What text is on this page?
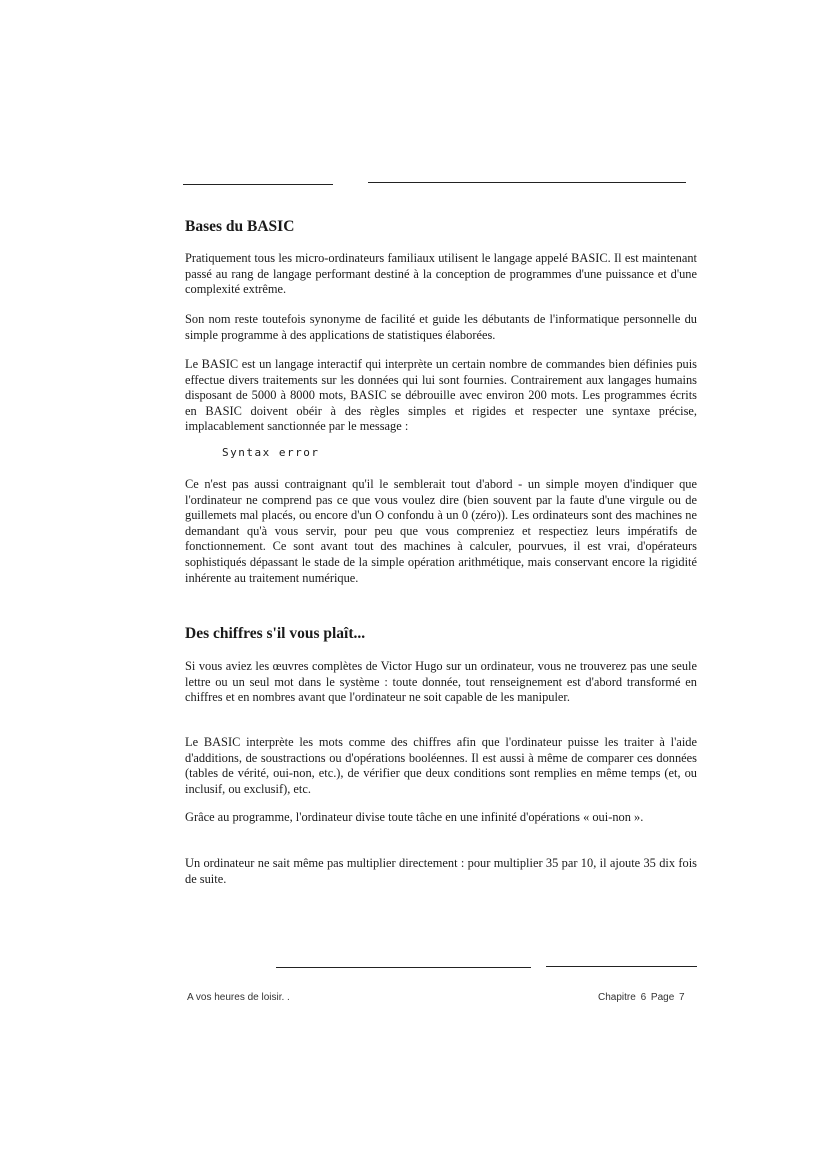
Bases du BASIC

Pratiquement tous les micro-ordinateurs familiaux utilisent le langage appelé BASIC. Il est maintenant passé au rang de langage performant destiné à la conception de programmes d'une puissance et d'une complexité extrême.

Son nom reste toutefois synonyme de facilité et guide les débutants de l'informatique personnelle du simple programme à des applications de statistiques élaborées.

Le BASIC est un langage interactif qui interprète un certain nombre de commandes bien définies puis effectue divers traitements sur les données qui lui sont fournies. Contrairement aux langages humains disposant de 5000 à 8000 mots, BASIC se débrouille avec environ 200 mots. Les programmes écrits en BASIC doivent obéir à des règles simples et rigides et respecter une syntaxe précise, implacablement sanctionnée par le message :

Syntax error

Ce n'est pas aussi contraignant qu'il le semblerait tout d'abord - un simple moyen d'indiquer que l'ordinateur ne comprend pas ce que vous voulez dire (bien souvent par la faute d'une virgule ou de guillemets mal placés, ou encore d'un O confondu à un 0 (zéro)). Les ordinateurs sont des machines ne demandant qu'à vous servir, pour peu que vous compreniez et respectiez leurs impératifs de fonctionnement. Ce sont avant tout des machines à calculer, pourvues, il est vrai, d'opérateurs sophistiqués dépassant le stade de la simple opération arithmétique, mais conservant encore la rigidité inhérente au traitement numérique.

Des chiffres s'il vous plaît...

Si vous aviez les œuvres complètes de Victor Hugo sur un ordinateur, vous ne trouverez pas une seule lettre ou un seul mot dans le système : toute donnée, tout renseignement est d'abord transformé en chiffres et en nombres avant que l'ordinateur ne soit capable de les manipuler.

Le BASIC interprète les mots comme des chiffres afin que l'ordinateur puisse les traiter à l'aide d'additions, de soustractions ou d'opérations booléennes. Il est aussi à même de comparer ces données (tables de vérité, oui-non, etc.), de vérifier que deux conditions sont remplies en même temps (et, ou inclusif, ou exclusif), etc.

Grâce au programme, l'ordinateur divise toute tâche en une infinité d'opérations « oui-non ».

Un ordinateur ne sait même pas multiplier directement : pour multiplier 35 par 10, il ajoute 35 dix fois de suite.

A vos heures de loisir. .	Chapitre 6 Page 7
